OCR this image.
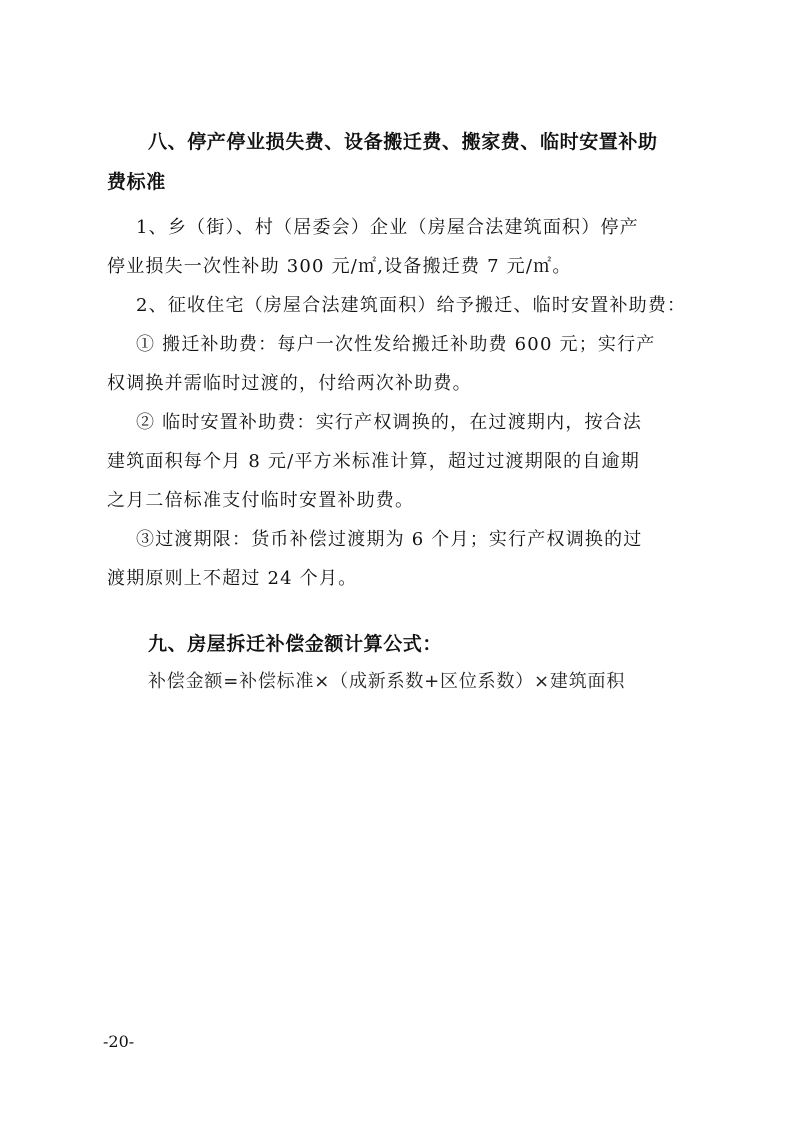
八、停产停业损失费、设备搬迁费、搬家费、临时安置补助
费标准
1、乡（街）、村（居委会）企业（房屋合法建筑面积）停产
停业损失一次性补助 300 元/㎡,设备搬迁费 7 元/㎡。
2、征收住宅（房屋合法建筑面积）给予搬迁、临时安置补助费：
① 搬迁补助费：每户一次性发给搬迁补助费 600 元；实行产
权调换并需临时过渡的，付给两次补助费。
② 临时安置补助费：实行产权调换的，在过渡期内，按合法
建筑面积每个月 8 元/平方米标准计算，超过过渡期限的自逾期
之月二倍标准支付临时安置补助费。
③过渡期限：货币补偿过渡期为 6 个月；实行产权调换的过
渡期原则上不超过 24 个月。
九、房屋拆迁补偿金额计算公式：
补偿金额=补偿标准×（成新系数+区位系数）×建筑面积
-20-
